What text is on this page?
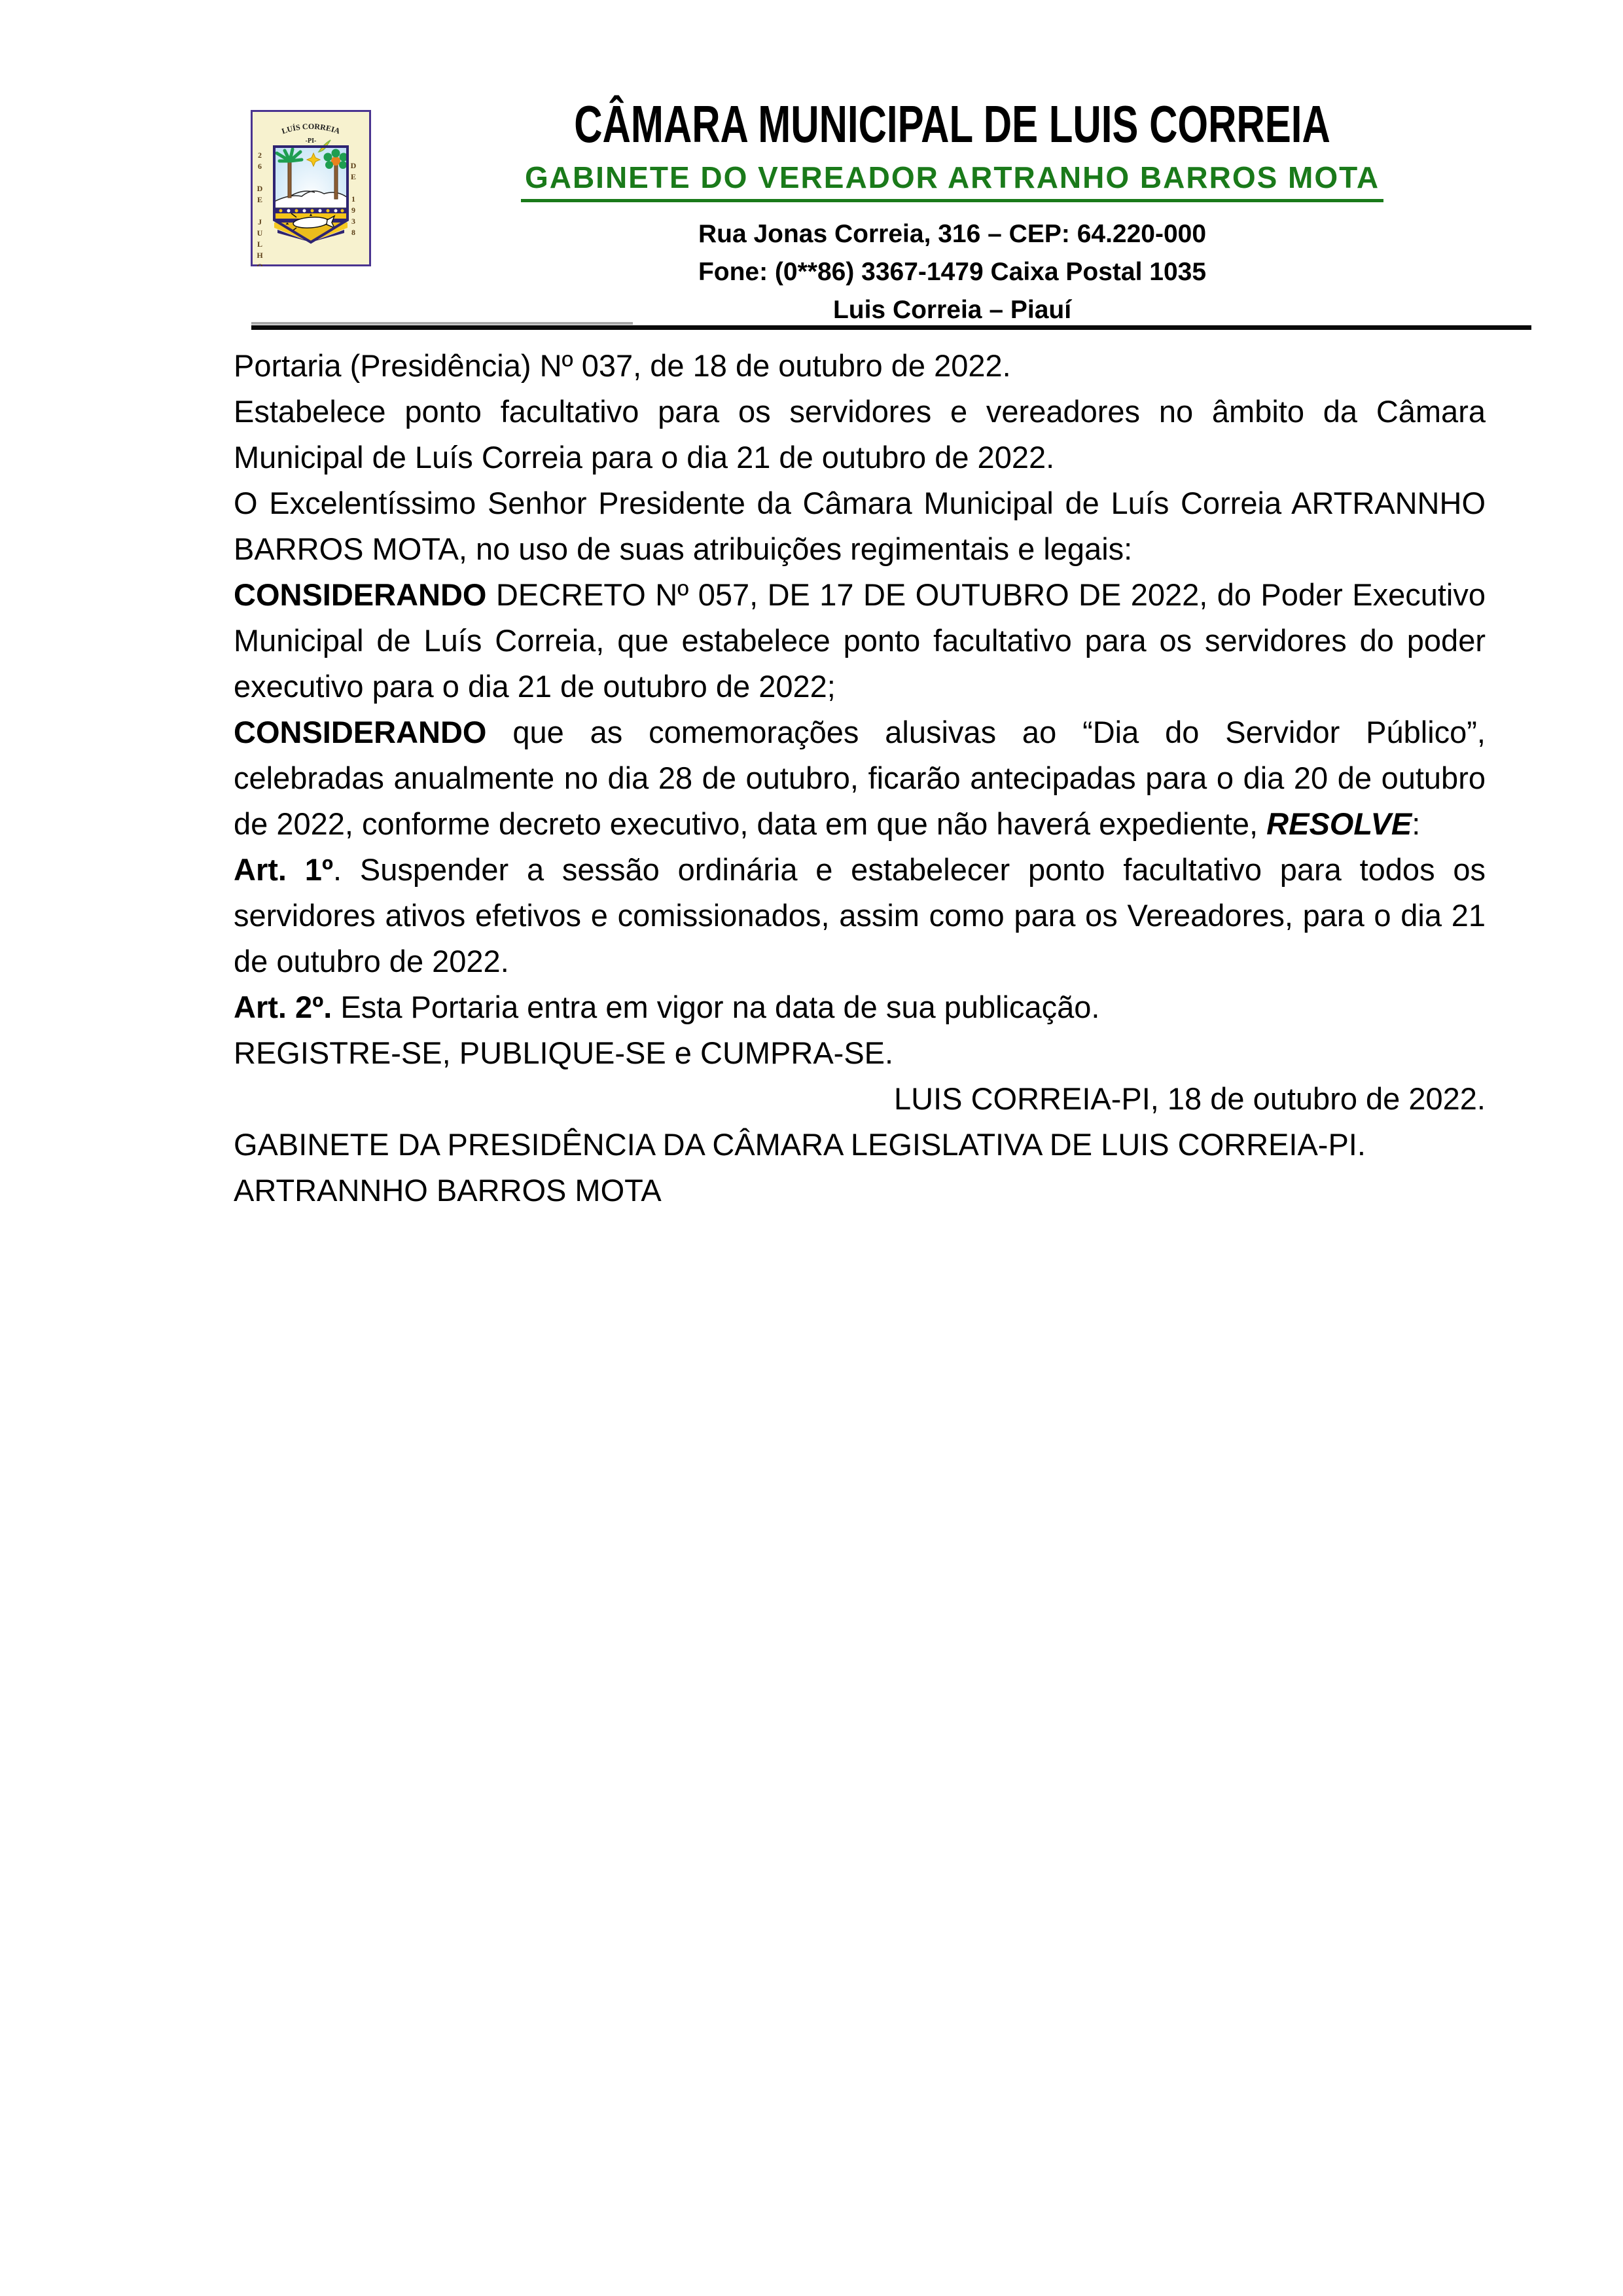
LUÍS CORREIA
-PI-
26 DE JULHO	DE 1938
CÂMARA MUNICIPAL DE LUIS CORREIA
GABINETE DO VEREADOR ARTRANHO BARROS MOTA
Rua Jonas Correia, 316 – CEP: 64.220-000
Fone: (0**86) 3367-1479 Caixa Postal 1035
Luis Correia – Piauí

Portaria (Presidência) Nº 037, de 18 de outubro de 2022.

Estabelece ponto facultativo para os servidores e vereadores no âmbito da Câmara Municipal de Luís Correia para o dia 21 de outubro de 2022.

O Excelentíssimo Senhor Presidente da Câmara Municipal de Luís Correia ARTRANNHO BARROS MOTA, no uso de suas atribuições regimentais e legais:

CONSIDERANDO DECRETO Nº 057, DE 17 DE OUTUBRO DE 2022, do Poder Executivo Municipal de Luís Correia, que estabelece ponto facultativo para os servidores do poder executivo para o dia 21 de outubro de 2022;

CONSIDERANDO que as comemorações alusivas ao “Dia do Servidor Público”, celebradas anualmente no dia 28 de outubro, ficarão antecipadas para o dia 20 de outubro de 2022, conforme decreto executivo, data em que não haverá expediente, RESOLVE:

Art. 1º. Suspender a sessão ordinária e estabelecer ponto facultativo para todos os servidores ativos efetivos e comissionados, assim como para os Vereadores, para o dia 21 de outubro de 2022.

Art. 2º. Esta Portaria entra em vigor na data de sua publicação.

REGISTRE-SE, PUBLIQUE-SE e CUMPRA-SE.

LUIS CORREIA-PI, 18 de outubro de 2022.

GABINETE DA PRESIDÊNCIA DA CÂMARA LEGISLATIVA DE LUIS CORREIA-PI.

ARTRANNHO BARROS MOTA
